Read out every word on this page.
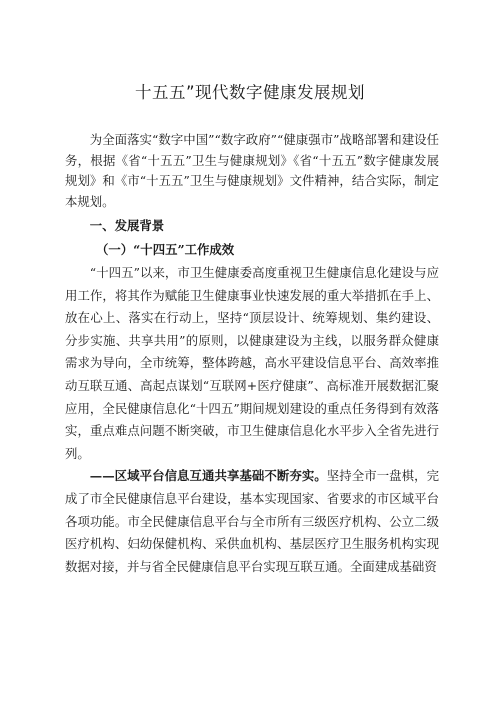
十五五”现代数字健康发展规划

为全面落实“数字中国”“数字政府”“健康强市”战略部署和建设任务，根据《省“十五五”卫生与健康规划》《省“十五五”数字健康发展规划》和《市“十五五”卫生与健康规划》文件精神，结合实际，制定本规划。

一、发展背景

（一）“十四五”工作成效

“十四五”以来，市卫生健康委高度重视卫生健康信息化建设与应用工作，将其作为赋能卫生健康事业快速发展的重大举措抓在手上、放在心上、落实在行动上，坚持“顶层设计、统筹规划、集约建设、分步实施、共享共用”的原则，以健康建设为主线，以服务群众健康需求为导向，全市统筹，整体跨越，高水平建设信息平台、高效率推动互联互通、高起点谋划“互联网+医疗健康”、高标准开展数据汇聚应用，全民健康信息化“十四五”期间规划建设的重点任务得到有效落实，重点难点问题不断突破，市卫生健康信息化水平步入全省先进行列。

——区域平台信息互通共享基础不断夯实。坚持全市一盘棋，完成了市全民健康信息平台建设，基本实现国家、省要求的市区域平台各项功能。市全民健康信息平台与全市所有三级医疗机构、公立二级医疗机构、妇幼保健机构、采供血机构、基层医疗卫生服务机构实现数据对接，并与省全民健康信息平台实现互联互通。全面建成基础资
